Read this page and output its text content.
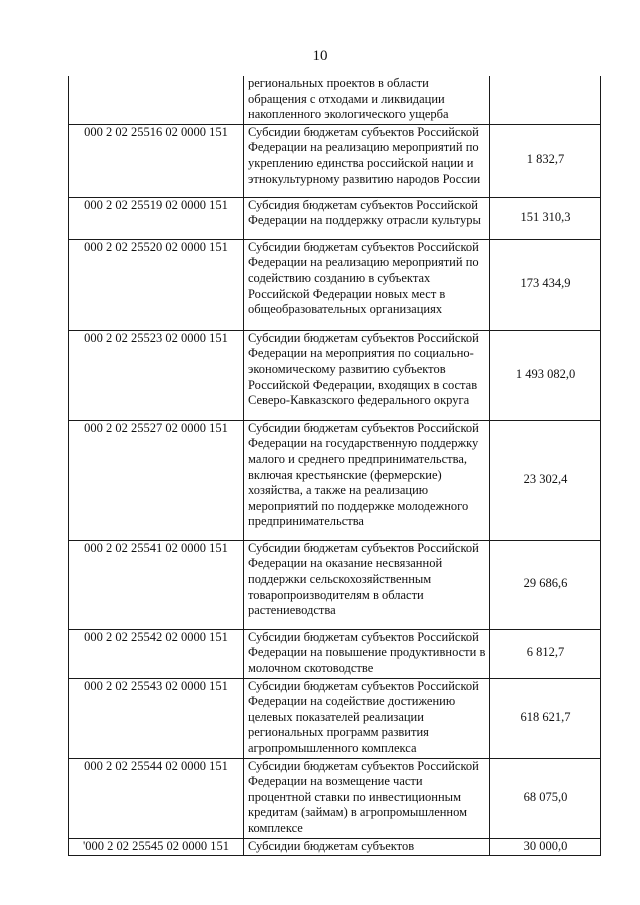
10
	региональных проектов в области обращения с отходами и ликвидации накопленного экологического ущерба	
000 2 02 25516 02 0000 151	Субсидии бюджетам субъектов Российской Федерации на реализацию мероприятий по укреплению единства российской нации и этнокультурному развитию народов России	1 832,7
000 2 02 25519 02 0000 151	Субсидия бюджетам субъектов Российской Федерации на поддержку отрасли культуры	151 310,3
000 2 02 25520 02 0000 151	Субсидии бюджетам субъектов Российской Федерации на реализацию мероприятий по содействию созданию в субъектах Российской Федерации новых мест в общеобразовательных организациях	173 434,9
000 2 02 25523 02 0000 151	Субсидии бюджетам субъектов Российской Федерации на мероприятия по социально-экономическому развитию субъектов Российской Федерации, входящих в состав Северо-Кавказского федерального округа	1 493 082,0
000 2 02 25527 02 0000 151	Субсидии бюджетам субъектов Российской Федерации на государственную поддержку малого и среднего предпринимательства, включая крестьянские (фермерские) хозяйства, а также на реализацию мероприятий по поддержке молодежного предпринимательства	23 302,4
000 2 02 25541 02 0000 151	Субсидии бюджетам субъектов Российской Федерации на оказание несвязанной поддержки сельскохозяйственным товаропроизводителям в области растениеводства	29 686,6
000 2 02 25542 02 0000 151	Субсидии бюджетам субъектов Российской Федерации на повышение продуктивности в молочном скотоводстве	6 812,7
000 2 02 25543 02 0000 151	Субсидии бюджетам субъектов Российской Федерации на содействие достижению целевых показателей реализации региональных программ развития агропромышленного комплекса	618 621,7
000 2 02 25544 02 0000 151	Субсидии бюджетам субъектов Российской Федерации на возмещение части процентной ставки по инвестиционным кредитам (займам) в агропромышленном комплексе	68 075,0
'000 2 02 25545 02 0000 151	Субсидии бюджетам субъектов	30 000,0
